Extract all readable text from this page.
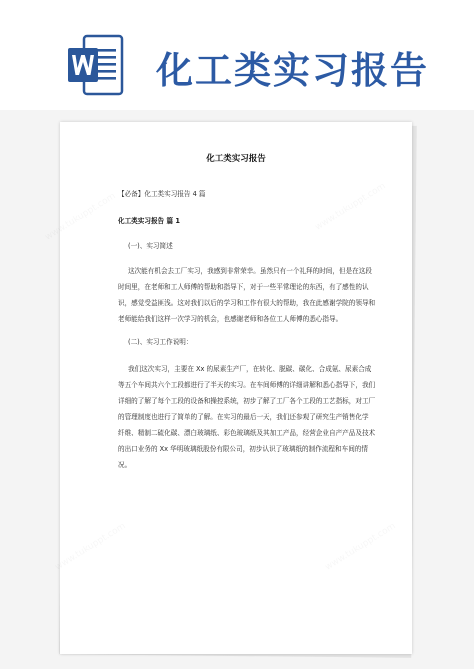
化工类实习报告
化工类实习报告
【必备】化工类实习报告 4 篇
化工类实习报告 篇 1
(一)、实习简述
这次能有机会去工厂实习，我感到非常荣幸。虽然只有一个礼拜的时间，但是在这段
时间里，在老师和工人师傅的帮助和指导下，对于一些平常理论的东西，有了感性的认
识，感觉受益匪浅。这对我们以后的学习和工作有很大的帮助，我在此感谢学院的领导和
老师能给我们这样一次学习的机会，也感谢老师和各位工人师傅的悉心指导。
(二)、实习工作说明：
我们这次实习，主要在 Xx 的尿素生产厂，在转化、脱碳、碳化、合成氨、尿素合成
等五个车间共六个工段都进行了半天的实习。在车间师傅的详细讲解和悉心指导下，我们
详细的了解了每个工段的设备和操控系统，初步了解了工厂各个工段的工艺指标，对工厂
的管理制度也进行了简单的了解。在实习的最后一天，我们还参观了研究生产销售化学
纤维、精制二硫化碳、漂白玻璃纸、彩色玻璃纸及其加工产品，经营企业自产产品及技术
的出口业务的 Xx 华明玻璃纸股份有限公司，初步认识了玻璃纸的制作流程和车间的情
况。
